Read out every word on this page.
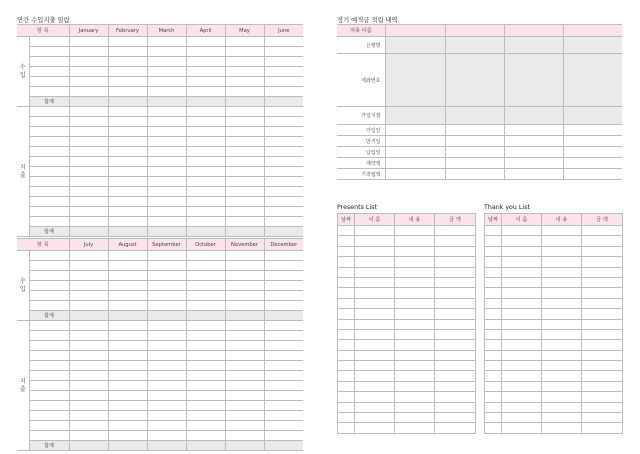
연간 수입지출 일람
항 목		January	February	March	April	May	June
수
입							

	합계						
지
출							

	합계						
항 목		July	August	September	October	November	December
수
입							

	합계						
지
출							

	합계						
정기 예적금 적립 내역
저축 이름				
은행명				
계좌번호				
가입지점				
가입일				
만기일				
납입일				
계약액				
기적립액				
Presents List
날짜	이 름	내 용	금 액

Thank you List
날짜	이 름	내 용	금 액
